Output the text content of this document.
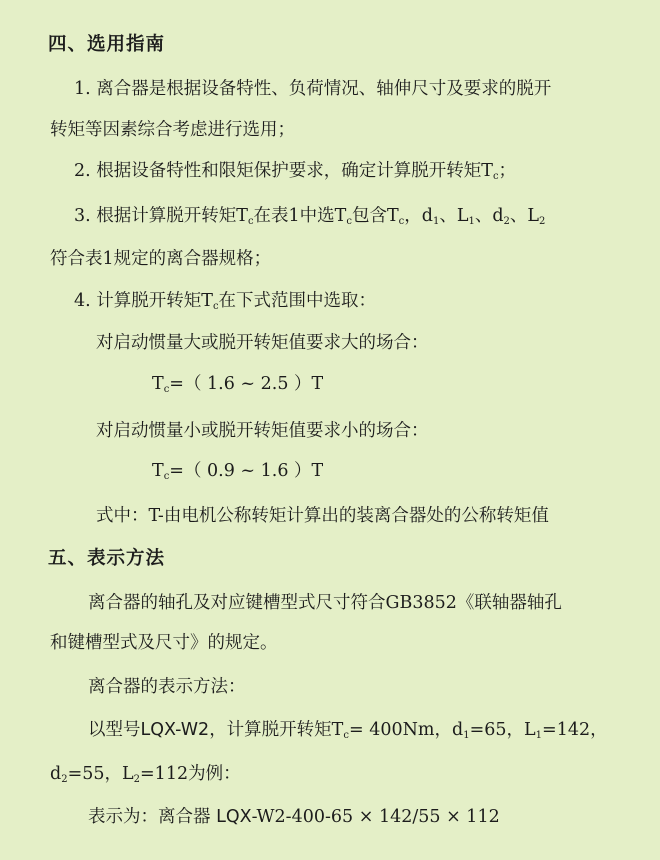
四、选用指南
1. 离合器是根据设备特性、负荷情况、轴伸尺寸及要求的脱开
转矩等因素综合考虑进行选用；
2. 根据设备特性和限矩保护要求，确定计算脱开转矩$T_c$；
3. 根据计算脱开转矩$T_c$在表1中选$T_c$包含$T_c$，$d_1$、$L_1$、$d_2$、$L_2$
符合表1规定的离合器规格；
4. 计算脱开转矩$T_c$在下式范围中选取：
对启动惯量大或脱开转矩值要求大的场合：
$T_c=$（ 1.6 ~ 2.5 ）T
对启动惯量小或脱开转矩值要求小的场合：
$T_c=$（ 0.9 ~ 1.6 ）T
式中：T-由电机公称转矩计算出的装离合器处的公称转矩值
五、表示方法
离合器的轴孔及对应键槽型式尺寸符合GB3852《联轴器轴孔
和键槽型式及尺寸》的规定。
离合器的表示方法：
以型号LQX-W2，计算脱开转矩$T_c= 400Nm$，$d_1=65$，$L_1=142$，
$d_2=55$，$L_2=112$为例：
表示为：离合器 LQX-W2-400-65 × 142/55 × 112
